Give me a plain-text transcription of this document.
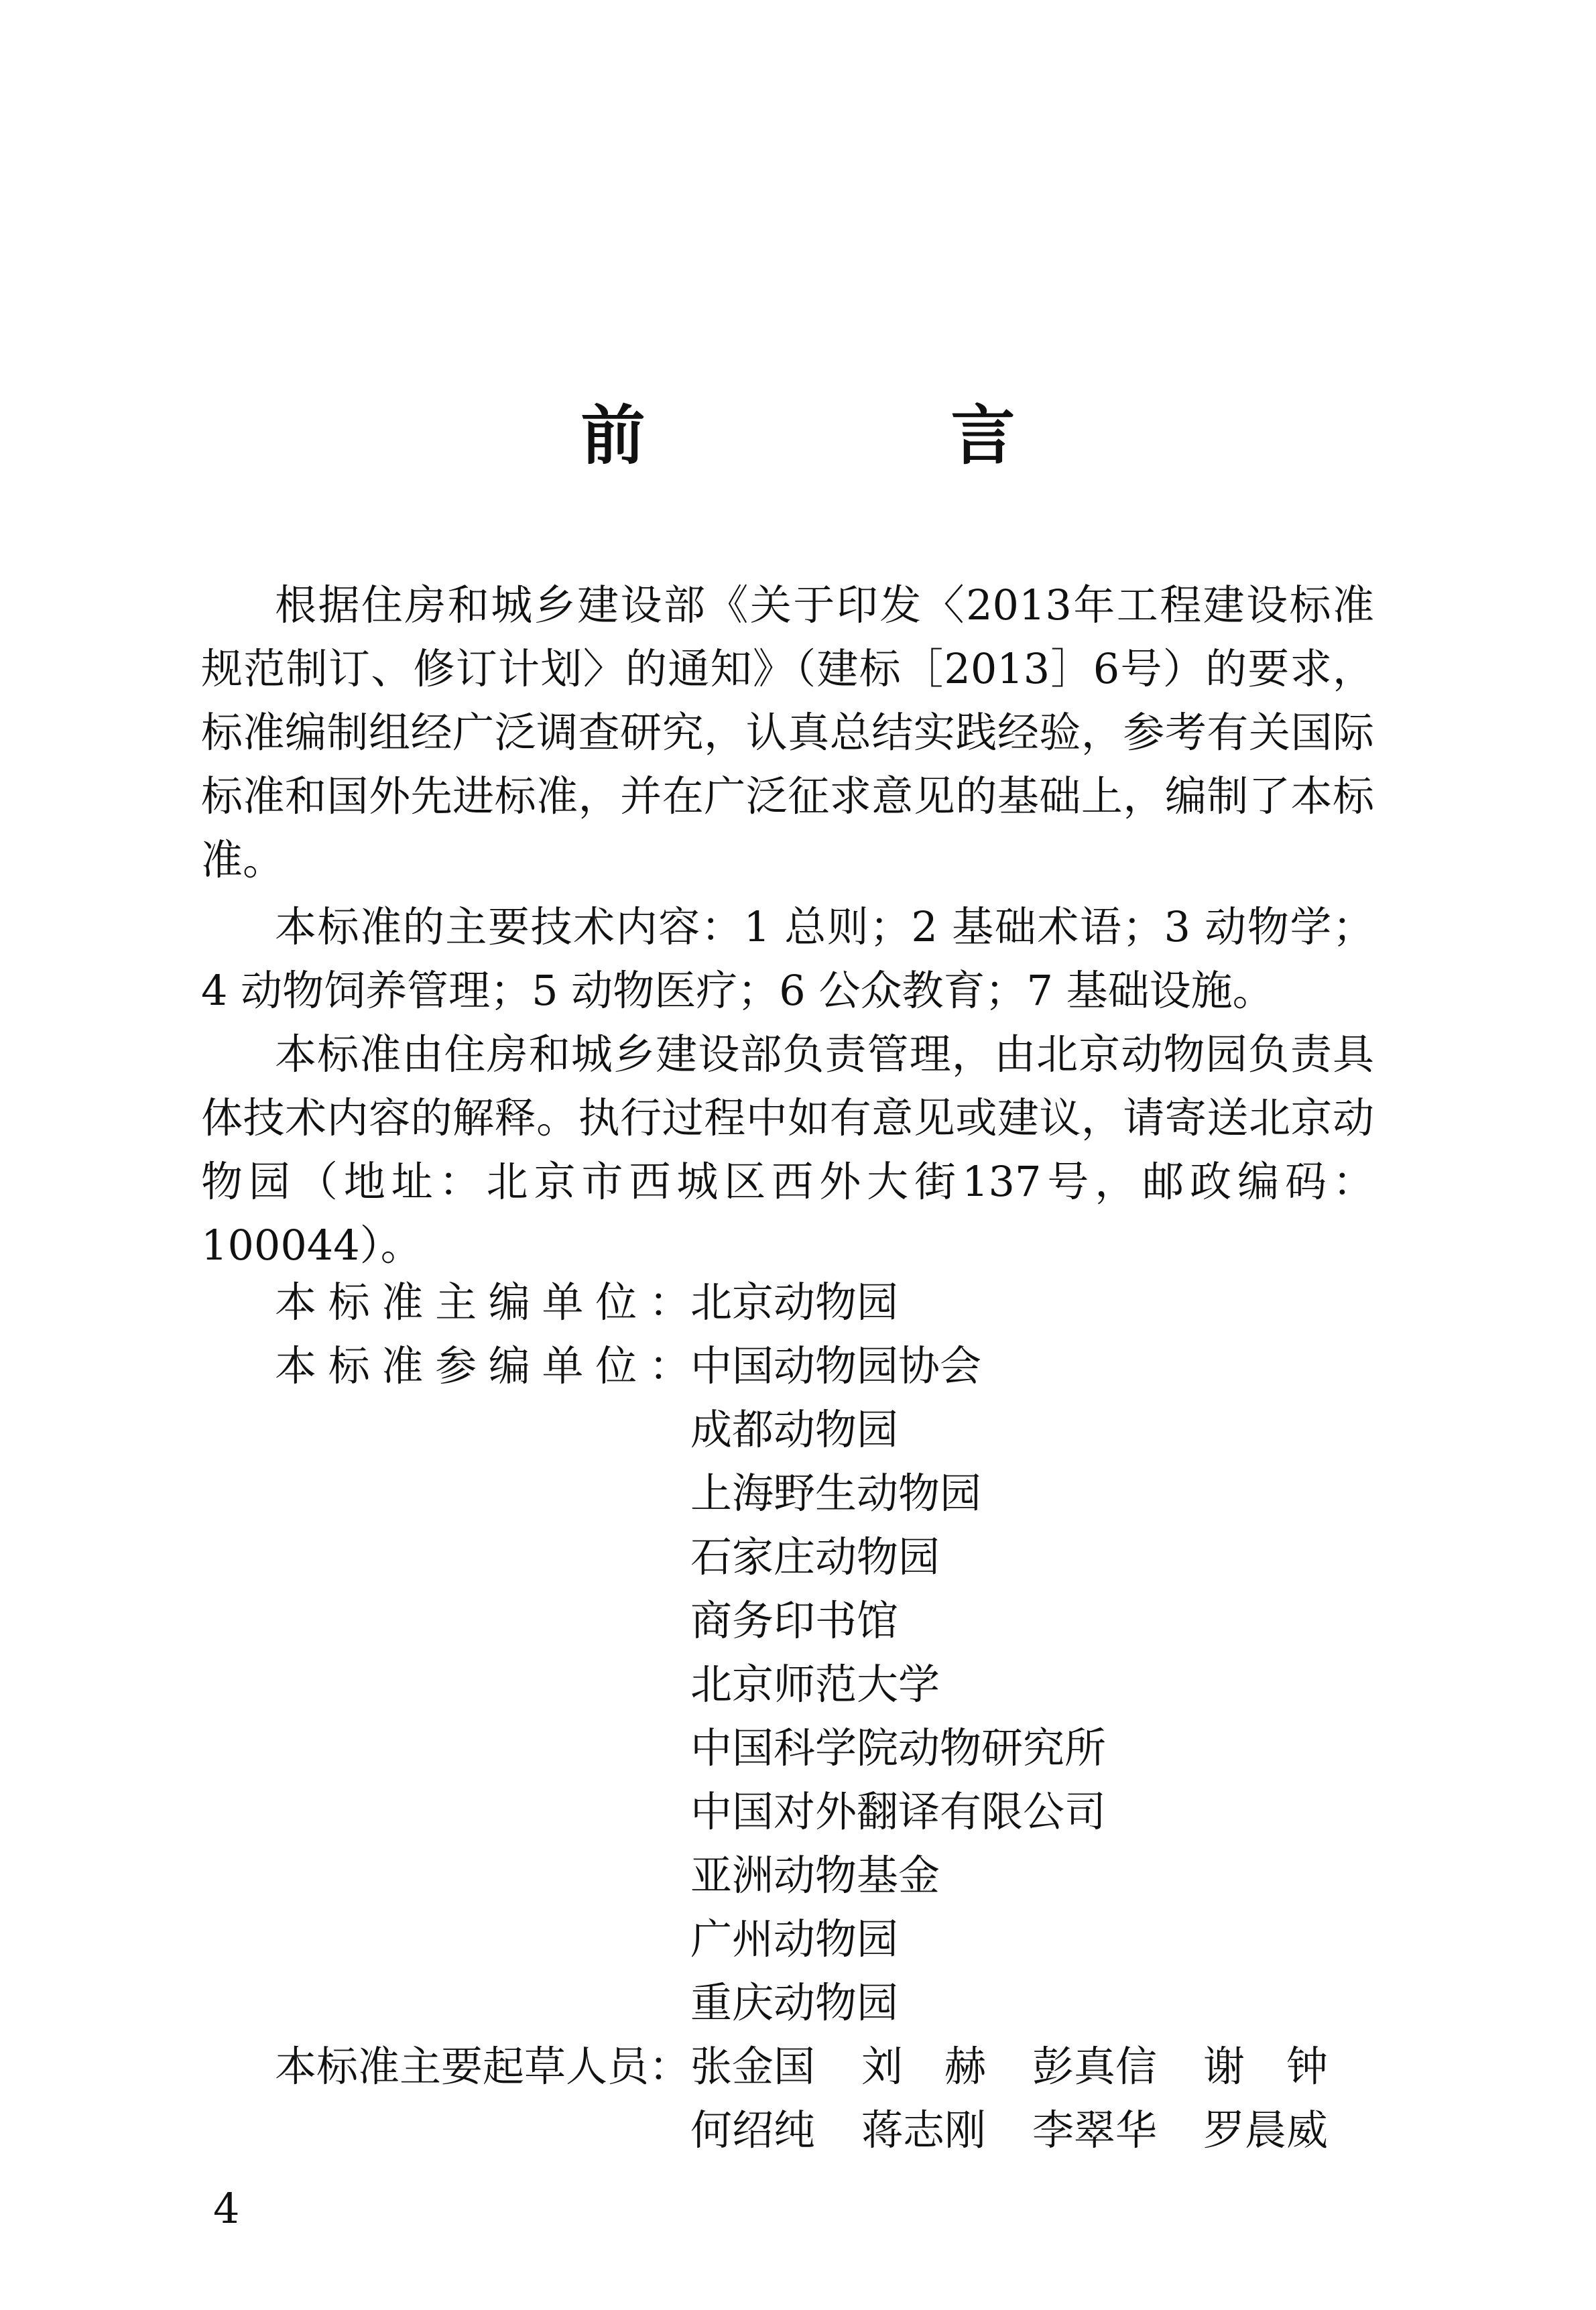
前　言

根据住房和城乡建设部《关于印发〈2013年工程建设标准规范制订、修订计划〉的通知》（建标［2013］6号）的要求，标准编制组经广泛调查研究，认真总结实践经验，参考有关国际标准和国外先进标准，并在广泛征求意见的基础上，编制了本标准。

本标准的主要技术内容：1 总则；2 基础术语；3 动物学；4 动物饲养管理；5 动物医疗；6 公众教育；7 基础设施。

本标准由住房和城乡建设部负责管理，由北京动物园负责具体技术内容的解释。执行过程中如有意见或建议，请寄送北京动物园（地址：北京市西城区西外大街137号，邮政编码：100044）。

本标准主编单位： 北京动物园
本标准参编单位： 中国动物园协会
成都动物园
上海野生动物园
石家庄动物园
商务印书馆
北京师范大学
中国科学院动物研究所
中国对外翻译有限公司
亚洲动物基金
广州动物园
重庆动物园
本标准主要起草人员： 张金国	刘　赫	彭真信	谢　钟
何绍纯	蒋志刚	李翠华	罗晨威
4
